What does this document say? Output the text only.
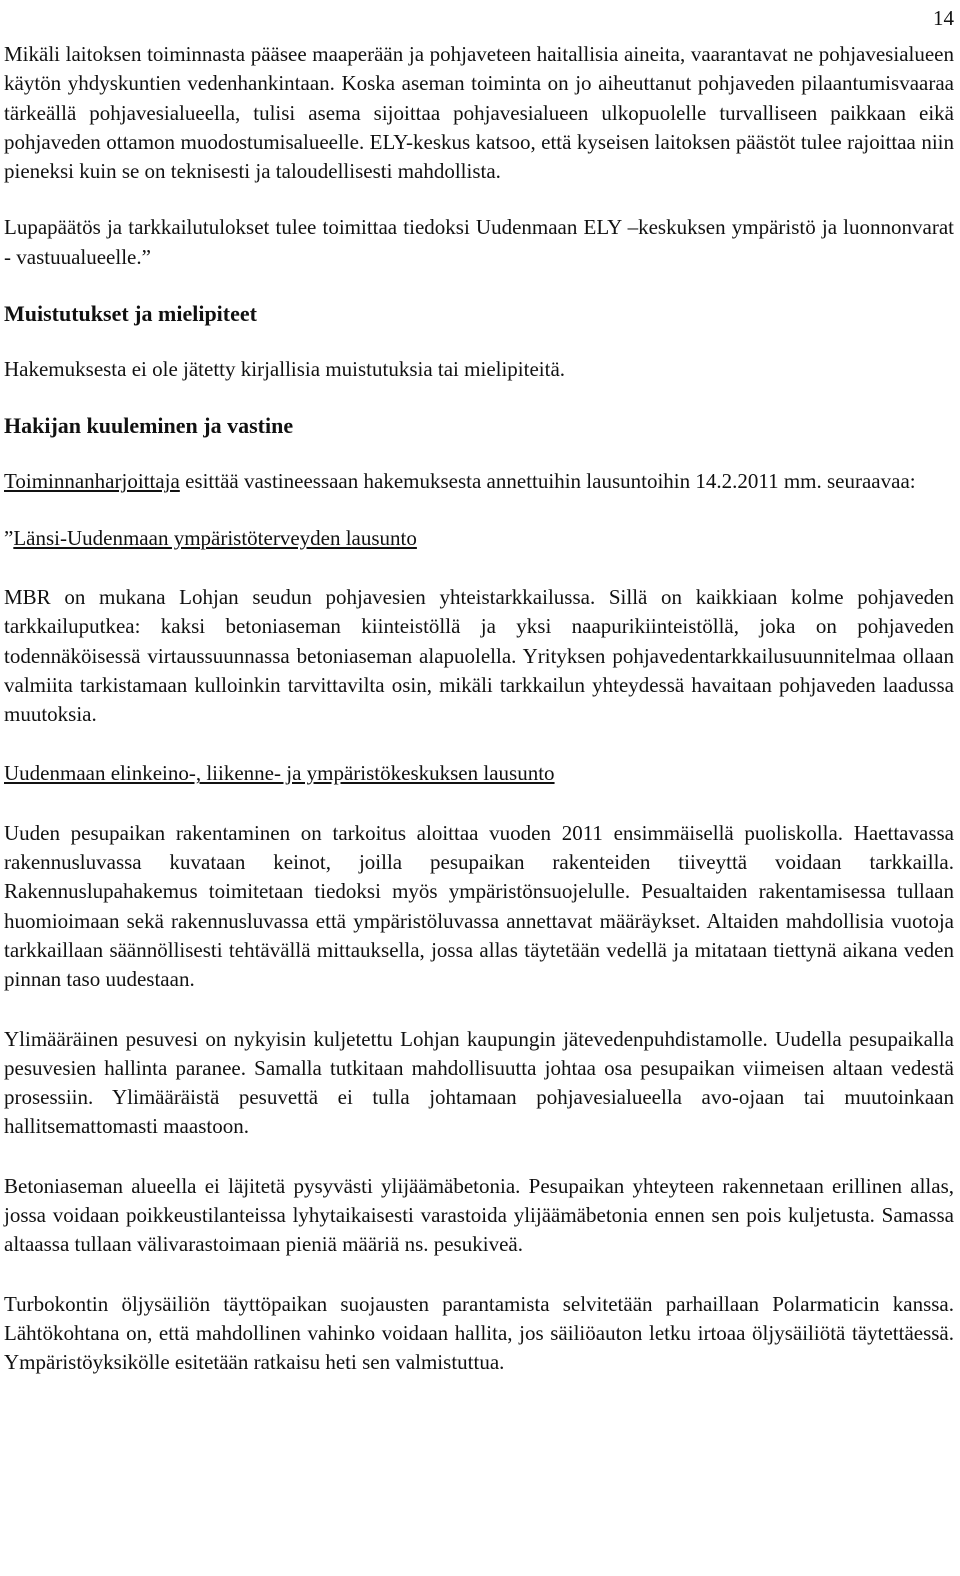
14

Mikäli laitoksen toiminnasta pääsee maaperään ja pohjaveteen haitallisia aineita, vaarantavat ne pohjavesialueen käytön yhdyskuntien vedenhankintaan. Koska aseman toiminta on jo aiheuttanut pohjaveden pilaantumisvaaraa tärkeällä pohjavesialueella, tulisi asema sijoittaa pohjavesialueen ulkopuolelle turvalliseen paikkaan eikä pohjaveden ottamon muodostumisalueelle. ELY-keskus katsoo, että kyseisen laitoksen päästöt tulee rajoittaa niin pieneksi kuin se on teknisesti ja taloudellisesti mahdollista.

Lupapäätös ja tarkkailutulokset tulee toimittaa tiedoksi Uudenmaan ELY –keskuksen ympäristö ja luonnonvarat - vastuualueelle.”

Muistutukset ja mielipiteet

Hakemuksesta ei ole jätetty kirjallisia muistutuksia tai mielipiteitä.

Hakijan kuuleminen ja vastine

Toiminnanharjoittaja esittää vastineessaan hakemuksesta annettuihin lausuntoihin 14.2.2011 mm. seuraavaa:

”Länsi-Uudenmaan ympäristöterveyden lausunto

MBR on mukana Lohjan seudun pohjavesien yhteistarkkailussa. Sillä on kaikkiaan kolme pohjaveden tarkkailuputkea: kaksi betoniaseman kiinteistöllä ja yksi naapurikiinteistöllä, joka on pohjaveden todennäköisessä virtaussuunnassa betoniaseman alapuolella. Yrityksen pohjavedentarkkailusuunnitelmaa ollaan valmiita tarkistamaan kulloinkin tarvittavilta osin, mikäli tarkkailun yhteydessä havaitaan pohjaveden laadussa muutoksia.

Uudenmaan elinkeino-, liikenne- ja ympäristökeskuksen lausunto

Uuden pesupaikan rakentaminen on tarkoitus aloittaa vuoden 2011 ensimmäisellä puoliskolla. Haettavassa rakennusluvassa kuvataan keinot, joilla pesupaikan rakenteiden tiiveyttä voidaan tarkkailla. Rakennuslupahakemus toimitetaan tiedoksi myös ympäristönsuojelulle. Pesualtaiden rakentamisessa tullaan huomioimaan sekä rakennusluvassa että ympäristöluvassa annettavat määräykset. Altaiden mahdollisia vuotoja tarkkaillaan säännöllisesti tehtävällä mittauksella, jossa allas täytetään vedellä ja mitataan tiettynä aikana veden pinnan taso uudestaan.

Ylimääräinen pesuvesi on nykyisin kuljetettu Lohjan kaupungin jätevedenpuhdistamolle. Uudella pesupaikalla pesuvesien hallinta paranee. Samalla tutkitaan mahdollisuutta johtaa osa pesupaikan viimeisen altaan vedestä prosessiin. Ylimääräistä pesuvettä ei tulla johtamaan pohjavesialueella avo-ojaan tai muutoinkaan hallitsemattomasti maastoon.

Betoniaseman alueella ei läjitetä pysyvästi ylijäämäbetonia. Pesupaikan yhteyteen rakennetaan erillinen allas, jossa voidaan poikkeustilanteissa lyhytaikaisesti varastoida ylijäämäbetonia ennen sen pois kuljetusta. Samassa altaassa tullaan välivarastoimaan pieniä määriä ns. pesukiveä.

Turbokontin öljysäiliön täyttöpaikan suojausten parantamista selvitetään parhaillaan Polarmaticin kanssa. Lähtökohtana on, että mahdollinen vahinko voidaan hallita, jos säiliöauton letku irtoaa öljysäiliötä täytettäessä. Ympäristöyksikölle esitetään ratkaisu heti sen valmistuttua.
